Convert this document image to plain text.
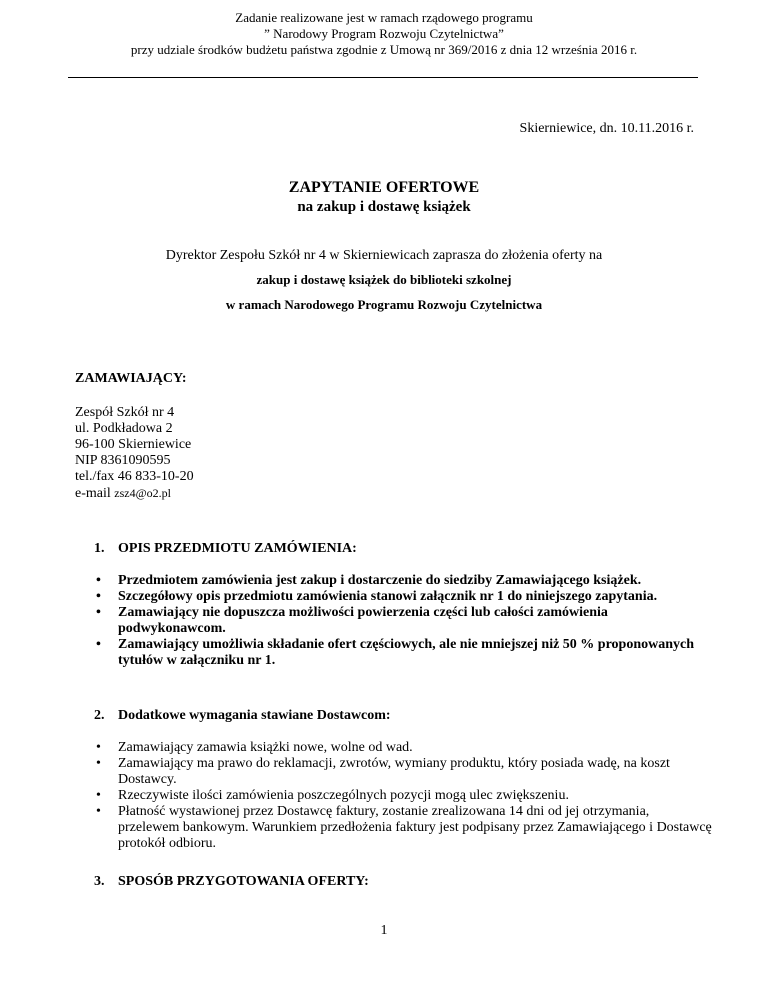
Zadanie realizowane jest w ramach rządowego programu
” Narodowy Program Rozwoju Czytelnictwa”
przy udziale środków budżetu państwa zgodnie z Umową nr 369/2016 z dnia 12 września 2016 r.
Skierniewice, dn. 10.11.2016 r.
ZAPYTANIE OFERTOWE
na zakup i dostawę książek
Dyrektor Zespołu Szkół nr 4 w Skierniewicach zaprasza do złożenia oferty na
zakup i dostawę książek do biblioteki szkolnej
w ramach Narodowego Programu Rozwoju Czytelnictwa
ZAMAWIAJĄCY:
Zespół Szkół nr 4
ul. Podkładowa 2
96-100 Skierniewice
NIP 8361090595
tel./fax 46 833-10-20
e-mail zsz4@o2.pl
1. OPIS PRZEDMIOTU ZAMÓWIENIA:
• Przedmiotem zamówienia jest zakup i dostarczenie do siedziby Zamawiającego książek.
• Szczegółowy opis przedmiotu zamówienia stanowi załącznik nr 1 do niniejszego zapytania.
• Zamawiający nie dopuszcza możliwości powierzenia części lub całości zamówienia podwykonawcom.
• Zamawiający umożliwia składanie ofert częściowych, ale nie mniejszej niż 50 % proponowanych tytułów w załączniku nr 1.
2. Dodatkowe wymagania stawiane Dostawcom:
• Zamawiający zamawia książki nowe, wolne od wad.
• Zamawiający ma prawo do reklamacji, zwrotów, wymiany produktu, który posiada wadę, na koszt Dostawcy.
• Rzeczywiste ilości zamówienia poszczególnych pozycji mogą ulec zwiększeniu.
• Płatność wystawionej przez Dostawcę faktury, zostanie zrealizowana 14 dni od jej otrzymania, przelewem bankowym. Warunkiem przedłożenia faktury jest podpisany przez Zamawiającego i Dostawcę protokół odbioru.
3. SPOSÓB PRZYGOTOWANIA OFERTY:
1
